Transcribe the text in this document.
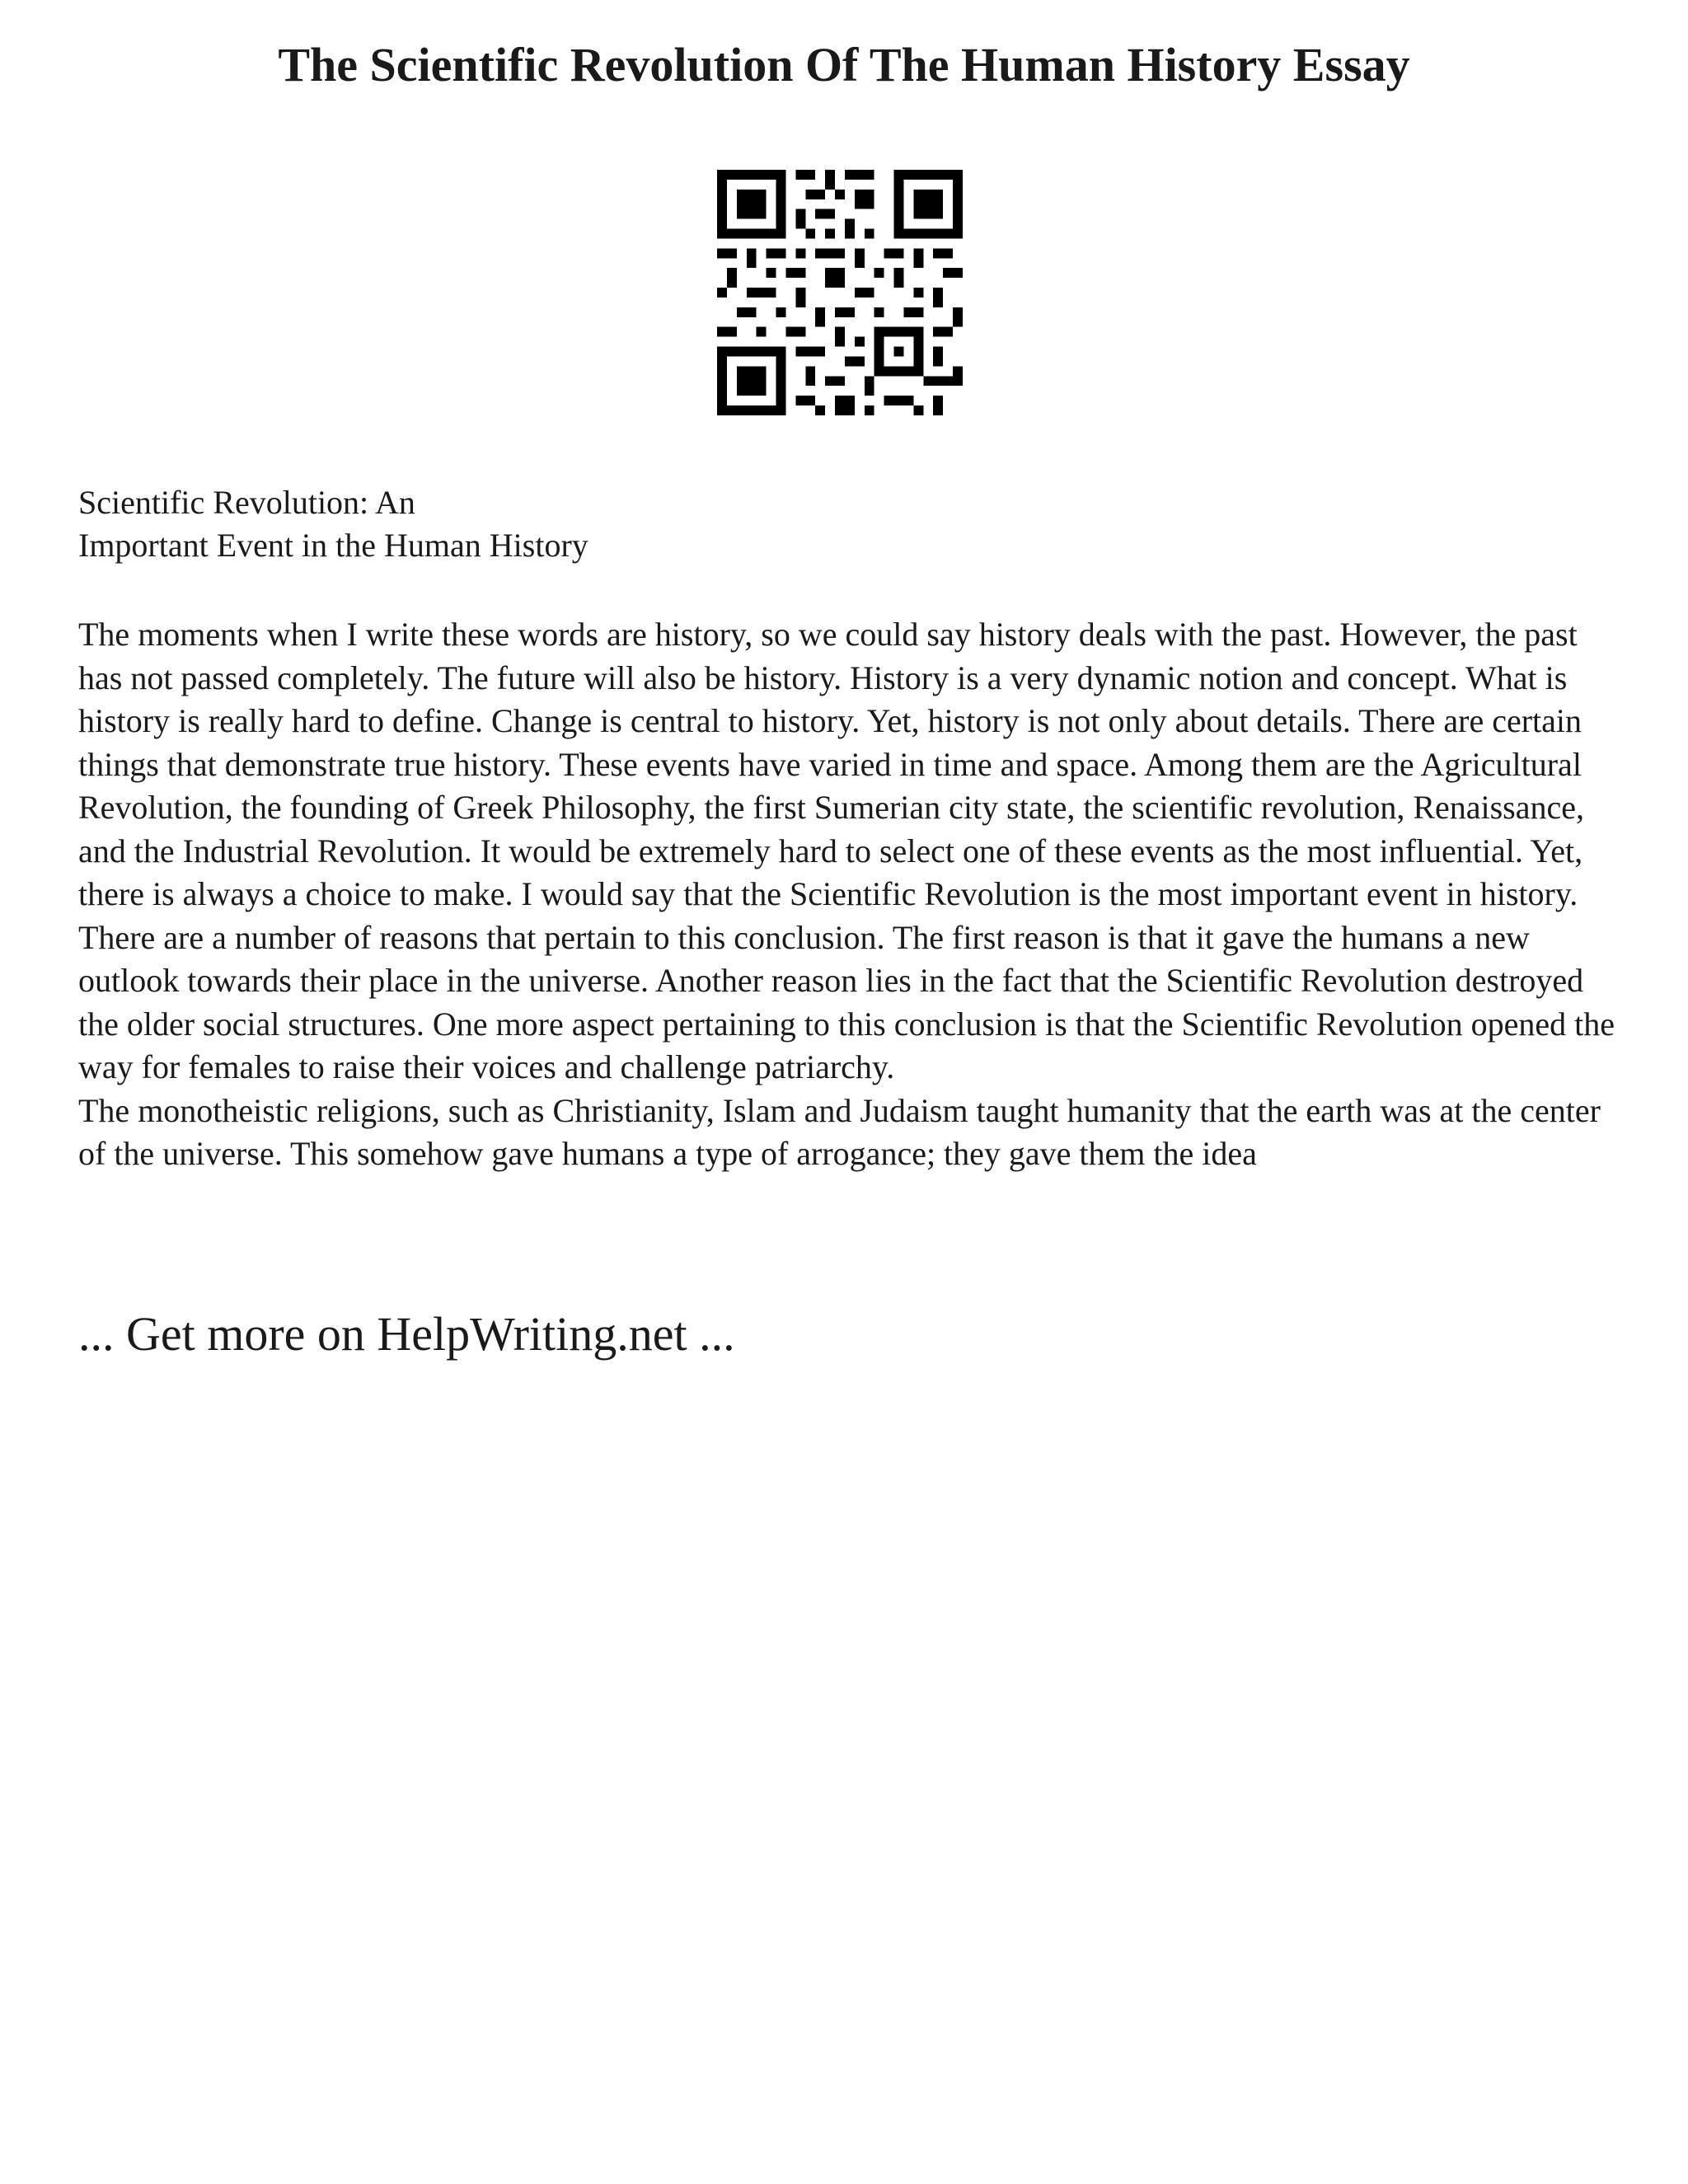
The Scientific Revolution Of The Human History Essay
Scientific Revolution: An
Important Event in the Human History

The moments when I write these words are history, so we could say history deals with the past. However, the past has not passed completely. The future will also be history. History is a very dynamic notion and concept. What is history is really hard to define. Change is central to history. Yet, history is not only about details. There are certain things that demonstrate true history. These events have varied in time and space. Among them are the Agricultural Revolution, the founding of Greek Philosophy, the first Sumerian city state, the scientific revolution, Renaissance, and the Industrial Revolution. It would be extremely hard to select one of these events as the most influential. Yet, there is always a choice to make. I would say that the Scientific Revolution is the most important event in history. There are a number of reasons that pertain to this conclusion. The first reason is that it gave the humans a new outlook towards their place in the universe. Another reason lies in the fact that the Scientific Revolution destroyed the older social structures. One more aspect pertaining to this conclusion is that the Scientific Revolution opened the way for females to raise their voices and challenge patriarchy.

The monotheistic religions, such as Christianity, Islam and Judaism taught humanity that the earth was at the center of the universe. This somehow gave humans a type of arrogance; they gave them the idea

... Get more on HelpWriting.net ...
